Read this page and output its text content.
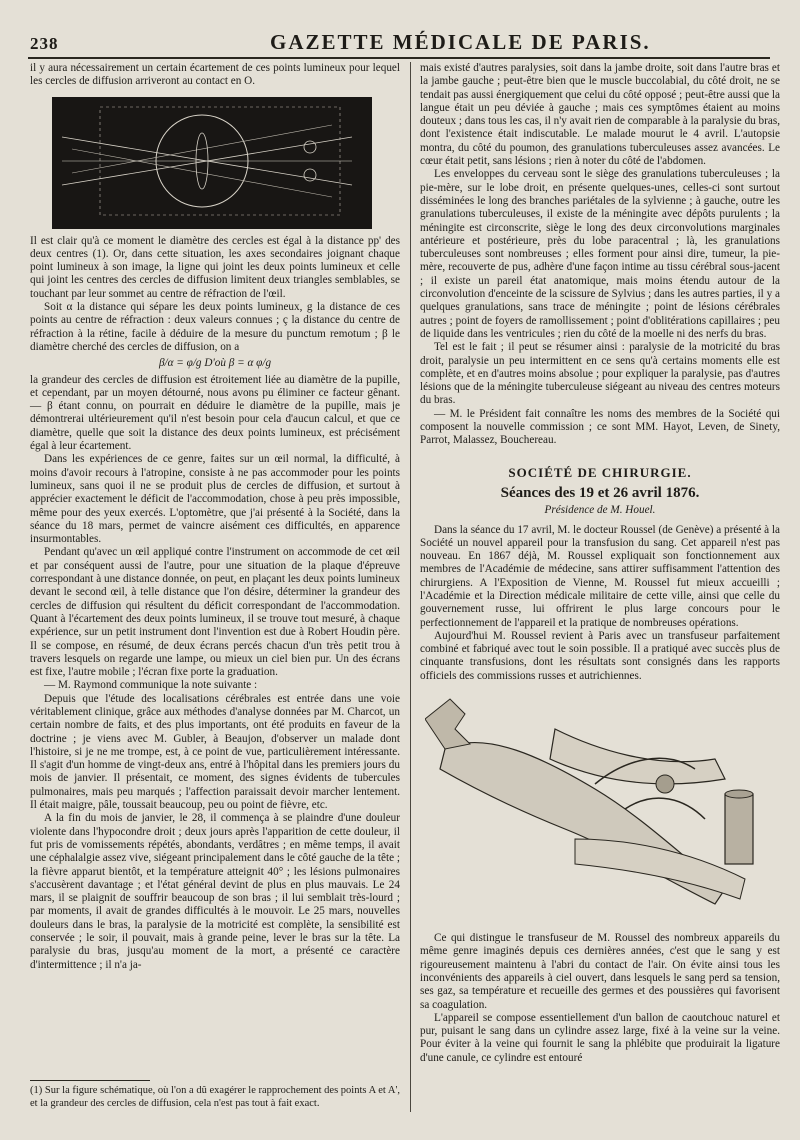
238	GAZETTE MÉDICALE DE PARIS.

il y aura nécessairement un certain écartement de ces points lumineux pour lequel les cercles de diffusion arriveront au contact en O.

Il est clair qu'à ce moment le diamètre des cercles est égal à la distance pp' des deux centres (1). Or, dans cette situation, les axes secondaires joignant chaque point lumineux à son image, la ligne qui joint les deux points lumineux et celle qui joint les centres des cercles de diffusion limitent deux triangles semblables, se touchant par leur sommet au centre de réfraction de l'œil.

Soit α la distance qui sépare les deux points lumineux, g la distance de ces points au centre de réfraction : deux valeurs connues ; ç la distance du centre de réfraction à la rétine, facile à déduire de la mesure du punctum remotum ; β le diamètre cherché des cercles de diffusion, on a

β/α = φ/g D'où β = α φ/g

la grandeur des cercles de diffusion est étroitement liée au diamètre de la pupille, et cependant, par un moyen détourné, nous avons pu éliminer ce facteur gênant. — β étant connu, on pourrait en déduire le diamètre de la pupille, mais je démontrerai ultérieurement qu'il n'est besoin pour cela d'aucun calcul, et que ce diamètre, quelle que soit la distance des deux points lumineux, est précisément égal à leur écartement.

Dans les expériences de ce genre, faites sur un œil normal, la difficulté, à moins d'avoir recours à l'atropine, consiste à ne pas accommoder pour les points lumineux, sans quoi il ne se produit plus de cercles de diffusion, et surtout à apprécier exactement le déficit de l'accommodation, chose à peu près impossible, même pour des yeux exercés. L'optomètre, que j'ai présenté à la Société, dans la séance du 18 mars, permet de vaincre aisément ces difficultés, en apparence insurmontables.

Pendant qu'avec un œil appliqué contre l'instrument on accommode de cet œil et par conséquent aussi de l'autre, pour une situation de la plaque d'épreuve correspondant à une distance donnée, on peut, en plaçant les deux points lumineux devant le second œil, à telle distance que l'on désire, déterminer la grandeur des cercles de diffusion qui résultent du déficit correspondant de l'accommodation. Quant à l'écartement des deux points lumineux, il se trouve tout mesuré, à chaque expérience, sur un petit instrument dont l'invention est due à Robert Houdin père. Il se compose, en résumé, de deux écrans percés chacun d'un très petit trou à travers lesquels on regarde une lampe, ou mieux un ciel bien pur. Un des écrans est fixe, l'autre mobile ; l'écran fixe porte la graduation.

— M. Raymond communique la note suivante :

Depuis que l'étude des localisations cérébrales est entrée dans une voie véritablement clinique, grâce aux méthodes d'analyse données par M. Charcot, un certain nombre de faits, et des plus importants, ont été produits en faveur de la doctrine ; je viens avec M. Gubler, à Beaujon, d'observer un malade dont l'histoire, si je ne me trompe, est, à ce point de vue, particulièrement intéressante. Il s'agit d'un homme de vingt-deux ans, entré à l'hôpital dans les premiers jours du mois de janvier. Il présentait, ce moment, des signes évidents de tubercules pulmonaires, mais peu marqués ; l'affection paraissait devoir marcher lentement. Il était maigre, pâle, toussait beaucoup, peu ou point de fièvre, etc.

A la fin du mois de janvier, le 28, il commença à se plaindre d'une douleur violente dans l'hypocondre droit ; deux jours après l'apparition de cette douleur, il fut pris de vomissements répétés, abondants, verdâtres ; en même temps, il avait une céphalalgie assez vive, siégeant principalement dans le côté gauche de la tête ; la fièvre apparut bientôt, et la température atteignit 40° ; les lésions pulmonaires s'accusèrent davantage ; et l'état général devint de plus en plus mauvais. Le 24 mars, il se plaignit de souffrir beaucoup de son bras ; il lui semblait très-lourd ; par moments, il avait de grandes difficultés à le mouvoir. Le 25 mars, nouvelles douleurs dans le bras, la paralysie de la motricité est complète, la sensibilité est conservée ; le soir, il pouvait, mais à grande peine, lever le bras sur la tête. La paralysie du bras, jusqu'au moment de la mort, a présenté ce caractère d'intermittence ; il n'a ja-

(1) Sur la figure schématique, où l'on a dû exagérer le rapprochement des points A et A', et la grandeur des cercles de diffusion, cela n'est pas tout à fait exact.

mais existé d'autres paralysies, soit dans la jambe droite, soit dans l'autre bras et la jambe gauche ; peut-être bien que le muscle buccolabial, du côté droit, ne se tendait pas aussi énergiquement que celui du côté opposé ; peut-être aussi que la langue était un peu déviée à gauche ; mais ces symptômes étaient au moins douteux ; dans tous les cas, il n'y avait rien de comparable à la paralysie du bras, dont l'existence était indiscutable. Le malade mourut le 4 avril. L'autopsie montra, du côté du poumon, des granulations tuberculeuses assez avancées. Le cœur était petit, sans lésions ; rien à noter du côté de l'abdomen.

Les enveloppes du cerveau sont le siège des granulations tuberculeuses ; la pie-mère, sur le lobe droit, en présente quelques-unes, celles-ci sont surtout disséminées le long des branches pariétales de la sylvienne ; à gauche, outre les granulations tuberculeuses, il existe de la méningite avec dépôts purulents ; la méningite est circonscrite, siège le long des deux circonvolutions marginales antérieure et postérieure, près du lobe paracentral ; là, les granulations tuberculeuses sont nombreuses ; elles forment pour ainsi dire, tumeur, la pie-mère, recouverte de pus, adhère d'une façon intime au tissu cérébral sous-jacent ; il existe un pareil état anatomique, mais moins étendu autour de la circonvolution d'enceinte de la scissure de Sylvius ; dans les autres parties, il y a quelques granulations, sans trace de méningite ; point de lésions cérébrales autres ; point de foyers de ramollissement ; point d'oblitérations capillaires ; peu de liquide dans les ventricules ; rien du côté de la moelle ni des nerfs du bras.

Tel est le fait ; il peut se résumer ainsi : paralysie de la motricité du bras droit, paralysie un peu intermittent en ce sens qu'à certains moments elle est complète, et en d'autres moins absolue ; pour expliquer la paralysie, pas d'autres lésions que de la méningite tuberculeuse siégeant au niveau des centres moteurs du bras.

— M. le Président fait connaître les noms des membres de la Société qui composent la nouvelle commission ; ce sont MM. Hayot, Leven, de Sinety, Parrot, Malassez, Bouchereau.

SOCIÉTÉ DE CHIRURGIE.
Séances des 19 et 26 avril 1876.
Présidence de M. Houel.

Dans la séance du 17 avril, M. le docteur Roussel (de Genève) a présenté à la Société un nouvel appareil pour la transfusion du sang. Cet appareil n'est pas nouveau. En 1867 déjà, M. Roussel expliquait son fonctionnement aux membres de l'Académie de médecine, sans attirer suffisamment l'attention des chirurgiens. A l'Exposition de Vienne, M. Roussel fut mieux accueilli ; l'Académie et la Direction médicale militaire de cette ville, ainsi que celle du gouvernement russe, lui offrirent le plus large concours pour le perfectionnement de l'appareil et la pratique de nombreuses opérations.

Aujourd'hui M. Roussel revient à Paris avec un transfuseur parfaitement combiné et fabriqué avec tout le soin possible. Il a pratiqué avec succès plus de cinquante transfusions, dont les résultats sont consignés dans les rapports officiels des commissions russes et autrichiennes.

Ce qui distingue le transfuseur de M. Roussel des nombreux appareils du même genre imaginés depuis ces dernières années, c'est que le sang y est rigoureusement maintenu à l'abri du contact de l'air. On évite ainsi tous les inconvénients des appareils à ciel ouvert, dans lesquels le sang perd sa tension, ses gaz, sa température et recueille des germes et des poussières qui favorisent sa coagulation.

L'appareil se compose essentiellement d'un ballon de caoutchouc naturel et pur, puisant le sang dans un cylindre assez large, fixé à la veine sur la veine. Pour éviter à la veine qui fournit le sang la phlébite que produirait la ligature d'une canule, ce cylindre est entouré
